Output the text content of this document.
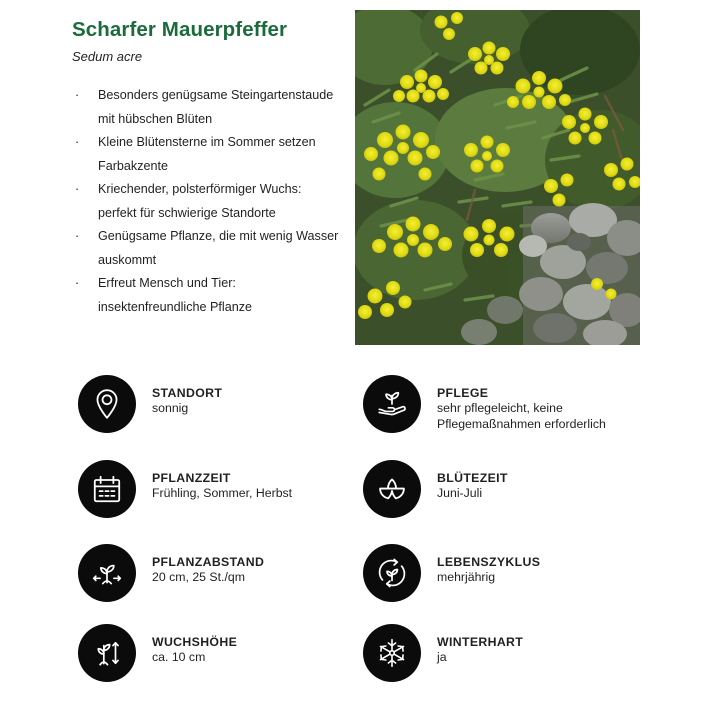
Scharfer Mauerpfeffer
Sedum acre
· Besonders genügsame Steingartenstaude
mit hübschen Blüten
· Kleine Blütensterne im Sommer setzen
Farbakzente
· Kriechender, polsterförmiger Wuchs:
perfekt für schwierige Standorte
· Genügsame Pflanze, die mit wenig Wasser
auskommt
· Erfreut Mensch und Tier:
insektenfreundliche Pflanze
STANDORT
sonnig
PFLEGE
sehr pflegeleicht, keine
Pflegemaßnahmen erforderlich
PFLANZZEIT
Frühling, Sommer, Herbst
BLÜTEZEIT
Juni-Juli
PFLANZABSTAND
20 cm, 25 St./qm
LEBENSZYKLUS
mehrjährig
WUCHSHÖHE
ca. 10 cm
WINTERHART
ja
